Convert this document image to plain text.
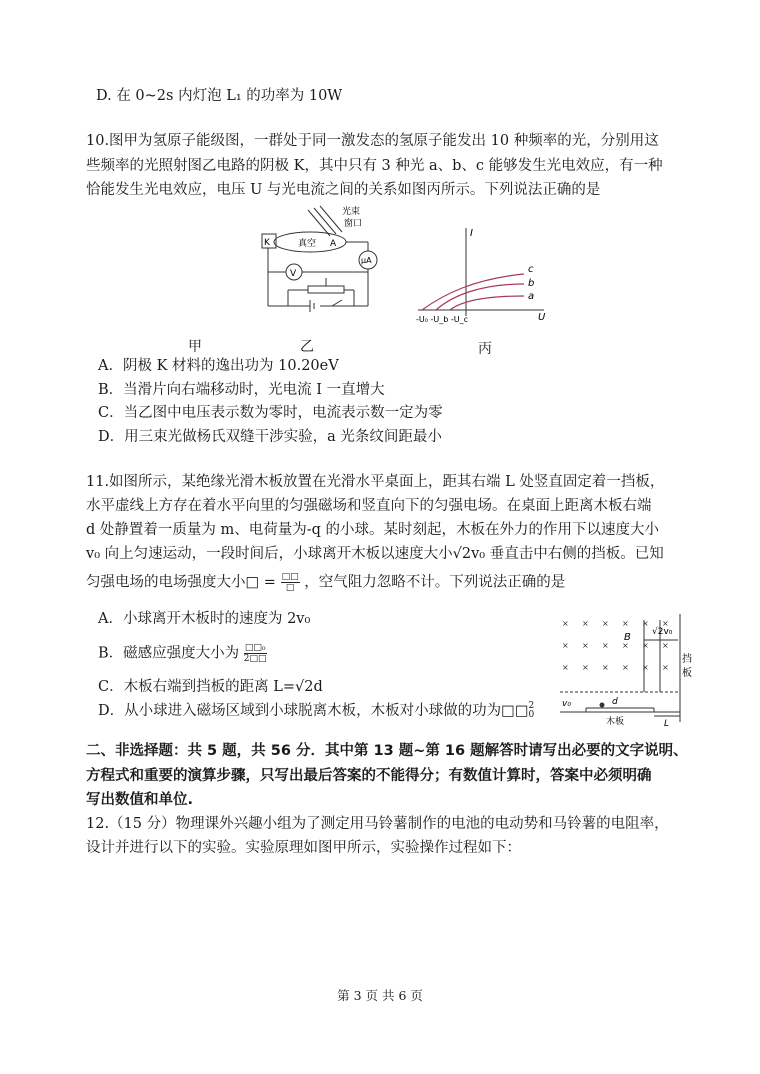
D. 在 0~2s 内灯泡 L₁ 的功率为 10W
10.图甲为氢原子能级图，一群处于同一激发态的氢原子能发出 10 种频率的光，分别用这
些频率的光照射图乙电路的阴极 K，其中只有 3 种光 a、b、c 能够发生光电效应，有一种
恰能发生光电效应，电压 U 与光电流之间的关系如图丙所示。下列说法正确的是
K	真空 A
光束
窗口
V
μA
I
U
c
b
a
-U₀ -U_b -U_c
甲	乙	丙
A．阴极 K 材料的逸出功为 10.20eV
B．当滑片向右端移动时，光电流 I 一直增大
C．当乙图中电压表示数为零时，电流表示数一定为零
D．用三束光做杨氏双缝干涉实验，a 光条纹间距最小
11.如图所示，某绝缘光滑木板放置在光滑水平桌面上，距其右端 L 处竖直固定着一挡板，
水平虚线上方存在着水平向里的匀强磁场和竖直向下的匀强电场。在桌面上距离木板右端
d 处静置着一质量为 m、电荷量为-q 的小球。某时刻起，木板在外力的作用下以速度大小
v₀ 向上匀速运动，一段时间后，小球离开木板以速度大小√2v₀ 垂直击中右侧的挡板。已知
匀强电场的电场强度大小□ = $\frac{□□}{□}$ ，空气阻力忽略不计。下列说法正确的是
A．小球离开木板时的速度为 2v₀
B．磁感应强度大小为 $\frac{\text{□□₀}}{2□□}$
C．木板右端到挡板的距离 L=√2d
D．从小球进入磁场区域到小球脱离木板，木板对小球做的功为□□ 2
0
× × × × × ×
× × × × × ×
× × × × × ×
B √2v₀
v₀	d
木板	L
挡
板
二、非选择题：共 5 题，共 56 分．其中第 13 题~第 16 题解答时请写出必要的文字说明、
方程式和重要的演算步骤，只写出最后答案的不能得分；有数值计算时，答案中必须明确
写出数值和单位.
12.（15 分）物理课外兴趣小组为了测定用马铃薯制作的电池的电动势和马铃薯的电阻率，
设计并进行以下的实验。实验原理如图甲所示，实验操作过程如下：
第 3 页 共 6 页
